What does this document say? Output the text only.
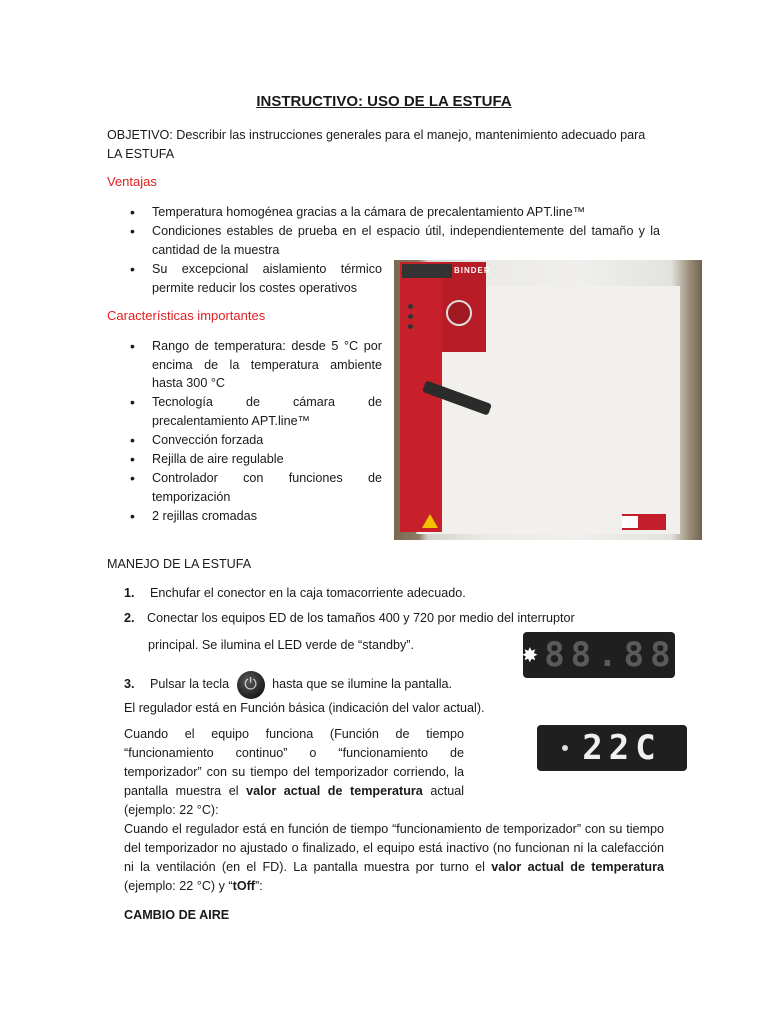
INSTRUCTIVO: USO DE LA ESTUFA
OBJETIVO: Describir las instrucciones generales para el manejo, mantenimiento adecuado para LA ESTUFA
Ventajas
• Temperatura homogénea gracias a la cámara de precalentamiento APT.line™
• Condiciones estables de prueba en el espacio útil, independientemente del tamaño y la cantidad de la muestra
• Su excepcional aislamiento térmico permite reducir los costes operativos
Características importantes
• Rango de temperatura: desde 5 °C por encima de la temperatura ambiente hasta 300 °C
• Tecnología de cámara de precalentamiento APT.line™
• Convección forzada
• Rejilla de aire regulable
• Controlador con funciones de temporización
• 2 rejillas cromadas
BINDER
MANEJO DE LA ESTUFA
1. Enchufar el conector en la caja tomacorriente adecuado.
2. Conectar los equipos ED de los tamaños 400 y 720 por medio del interruptor
principal. Se ilumina el LED verde de “standby”.	✸ 88.88
3. Pulsar la tecla ⏻	hasta que se ilumine la pantalla.
El regulador está en Función básica (indicación del valor actual).
Cuando el equipo funciona (Función de tiempo “funcionamiento continuo” o “funcionamiento de temporizador” con su tiempo del temporizador corriendo, la pantalla muestra el valor actual de temperatura actual (ejemplo: 22 °C):
22C
Cuando el regulador está en función de tiempo “funcionamiento de temporizador” con su tiempo del temporizador no ajustado o finalizado, el equipo está inactivo (no funcionan ni la calefacción ni la ventilación (en el FD). La pantalla muestra por turno el valor actual de temperatura (ejemplo: 22 °C) y “tOff”:
CAMBIO DE AIRE
